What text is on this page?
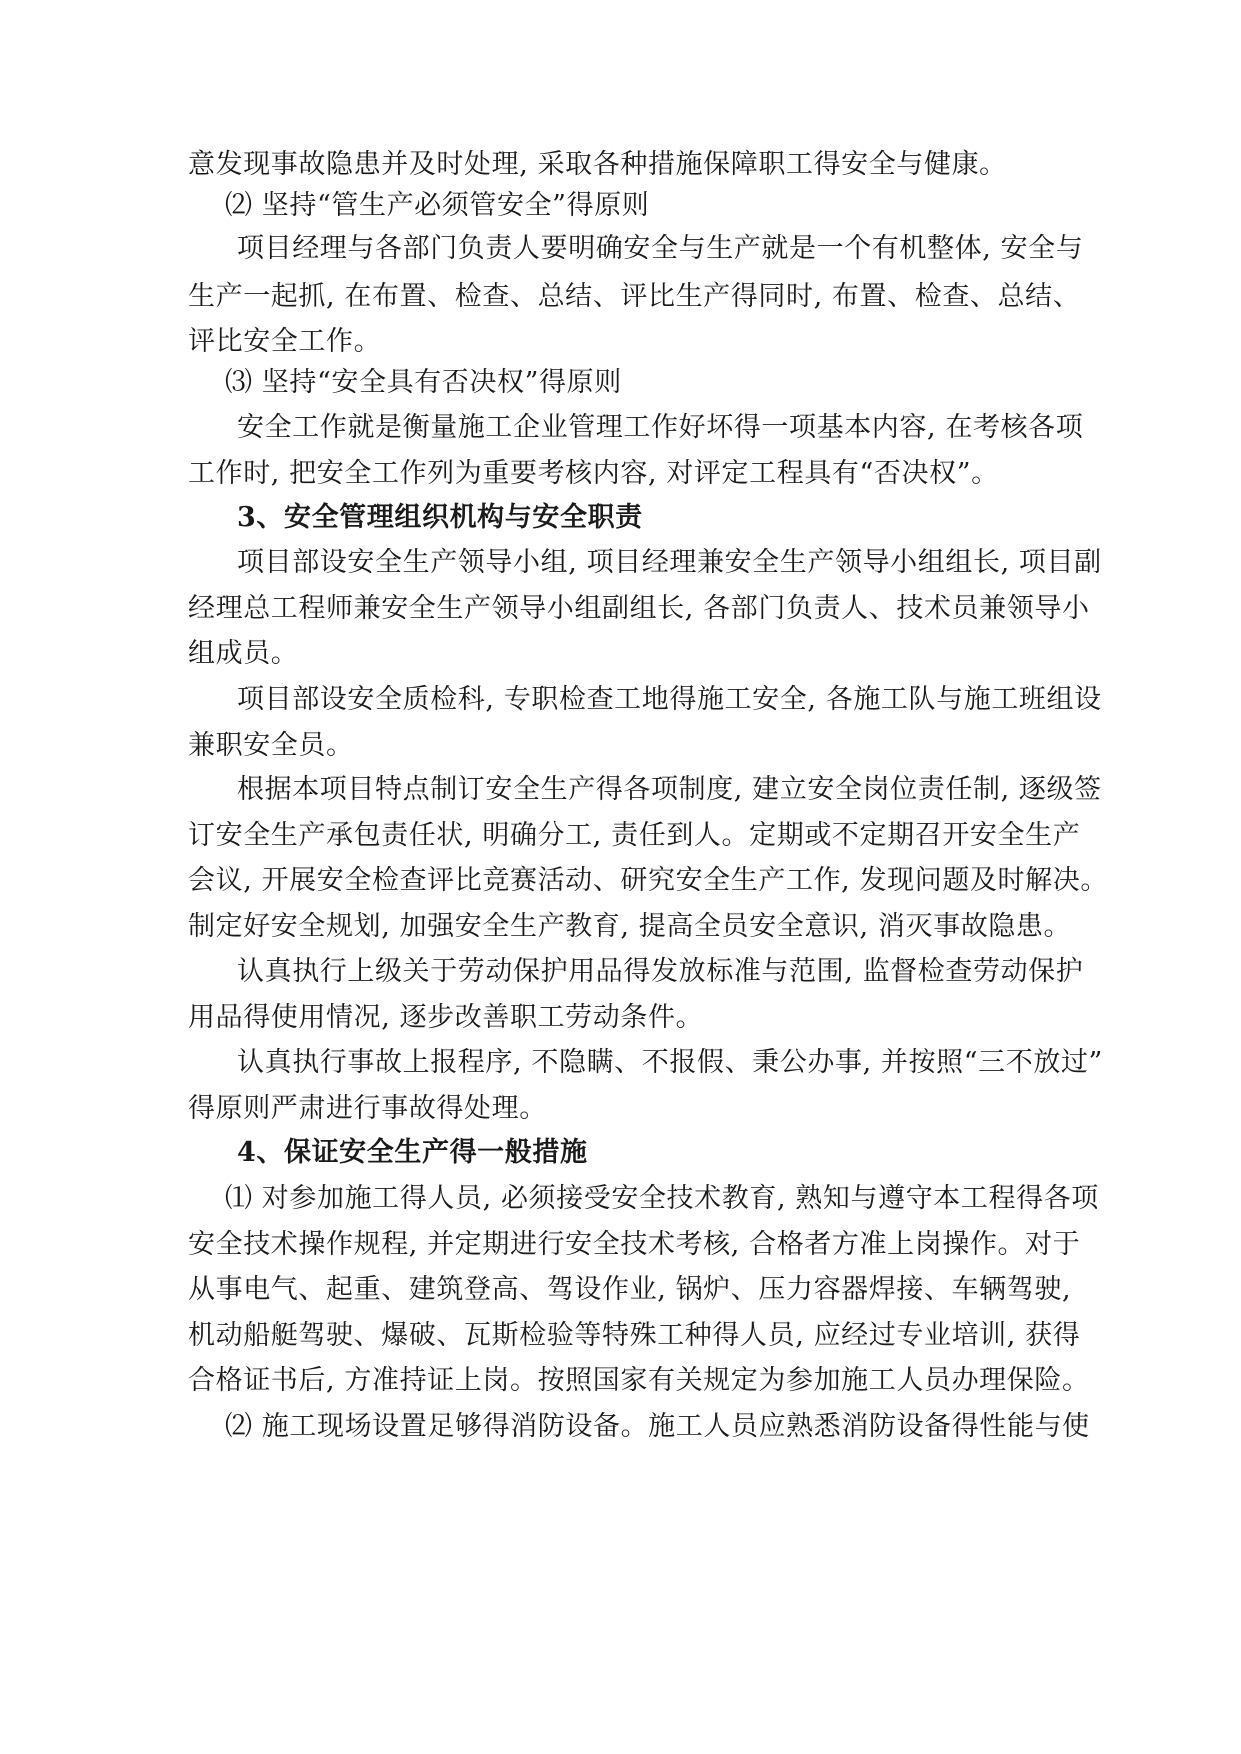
意发现事故隐患并及时处理, 采取各种措施保障职工得安全与健康。
⑵ 坚持“管生产必须管安全”得原则
项目经理与各部门负责人要明确安全与生产就是一个有机整体, 安全与
生产一起抓, 在布置、检查、总结、评比生产得同时, 布置、检查、总结、
评比安全工作。
⑶ 坚持“安全具有否决权”得原则
安全工作就是衡量施工企业管理工作好坏得一项基本内容, 在考核各项
工作时, 把安全工作列为重要考核内容, 对评定工程具有“否决权”。
3、安全管理组织机构与安全职责
项目部设安全生产领导小组, 项目经理兼安全生产领导小组组长, 项目副
经理总工程师兼安全生产领导小组副组长, 各部门负责人、技术员兼领导小
组成员。
项目部设安全质检科, 专职检查工地得施工安全, 各施工队与施工班组设
兼职安全员。
根据本项目特点制订安全生产得各项制度, 建立安全岗位责任制, 逐级签
订安全生产承包责任状, 明确分工, 责任到人。定期或不定期召开安全生产
会议, 开展安全检查评比竞赛活动、研究安全生产工作, 发现问题及时解决。
制定好安全规划, 加强安全生产教育, 提高全员安全意识, 消灭事故隐患。
认真执行上级关于劳动保护用品得发放标准与范围, 监督检查劳动保护
用品得使用情况, 逐步改善职工劳动条件。
认真执行事故上报程序, 不隐瞒、不报假、秉公办事, 并按照“三不放过”
得原则严肃进行事故得处理。
4、保证安全生产得一般措施
⑴ 对参加施工得人员, 必须接受安全技术教育, 熟知与遵守本工程得各项
安全技术操作规程, 并定期进行安全技术考核, 合格者方准上岗操作。对于
从事电气、起重、建筑登高、驾设作业, 锅炉、压力容器焊接、车辆驾驶,
机动船艇驾驶、爆破、瓦斯检验等特殊工种得人员, 应经过专业培训, 获得
合格证书后, 方准持证上岗。按照国家有关规定为参加施工人员办理保险。
⑵ 施工现场设置足够得消防设备。施工人员应熟悉消防设备得性能与使
